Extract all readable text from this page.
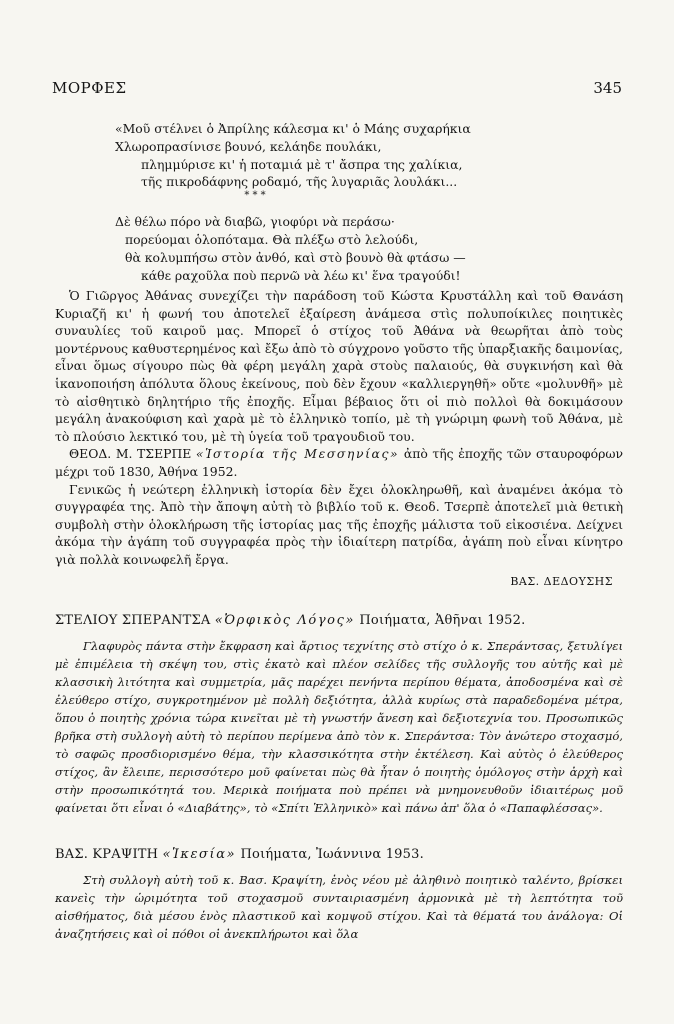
ΜΟΡΦΕΣ	345
«Μοῦ στέλνει ὁ Ἀπρίλης κάλεσμα κι' ὁ Μάης συχαρήκια
Χλωροπρασίνισε βουνό, κελάηδε πουλάκι,
πλημμύρισε κι' ἡ ποταμιά μὲ τ' ἄσπρα της χαλίκια,
τῆς πικροδάφνης ροδαμό, τῆς λυγαριᾶς λουλάκι...
* * *
Δὲ θέλω πόρο νὰ διαβῶ, γιοφύρι νὰ περάσω·
πορεύομαι ὁλοπόταμα. Θὰ πλέξω στὸ λελούδι,
θὰ κολυμπήσω στὸν ἀνθό, καὶ στὸ βουνὸ θὰ φτάσω —
κάθε ραχοῦλα ποὺ περνῶ νὰ λέω κι' ἕνα τραγούδι!

Ὁ Γιῶργος Ἀθάνας συνεχίζει τὴν παράδοση τοῦ Κώστα Κρυστάλλη καὶ τοῦ Θανάση Κυριαζῆ κι' ἡ φωνή του ἀποτελεῖ ἐξαίρεση ἀνάμεσα στὶς πολυποίκιλες ποιητικὲς συναυλίες τοῦ καιροῦ μας. Μπορεῖ ὁ στίχος τοῦ Ἀθάνα νὰ θεωρῆται ἀπὸ τοὺς μοντέρνους καθυστερημένος καὶ ἔξω ἀπὸ τὸ σύγχρονο γοῦστο τῆς ὑπαρξιακῆς δαιμονίας, εἶναι ὅμως σίγουρο πὼς θὰ φέρη μεγάλη χαρὰ στοὺς παλαιούς, θὰ συγκινήση καὶ θὰ ἱκανοποιήση ἀπόλυτα ὅλους ἐκείνους, ποὺ δὲν ἔχουν «καλλιεργηθῆ» οὔτε «μολυνθῆ» μὲ τὸ αἰσθητικὸ δηλητήριο τῆς ἐποχῆς. Εἶμαι βέβαιος ὅτι οἱ πιὸ πολλοὶ θὰ δοκιμάσουν μεγάλη ἀνακούφιση καὶ χαρὰ μὲ τὸ ἑλληνικὸ τοπίο, μὲ τὴ γνώριμη φωνὴ τοῦ Ἀθάνα, μὲ τὸ πλούσιο λεκτικό του, μὲ τὴ ὑγεία τοῦ τραγουδιοῦ του.

ΘΕΟΔ. Μ. ΤΣΕΡΠΕ «Ἱστορία τῆς Μεσσηνίας» ἀπὸ τῆς ἐποχῆς τῶν σταυροφόρων μέχρι τοῦ 1830, Ἀθήνα 1952.

Γενικῶς ἡ νεώτερη ἑλληνικὴ ἱστορία δὲν ἔχει ὁλοκληρωθῆ, καὶ ἀναμένει ἀκόμα τὸ συγγραφέα της. Ἀπὸ τὴν ἄποψη αὐτὴ τὸ βιβλίο τοῦ κ. Θεοδ. Τσερπὲ ἀποτελεῖ μιὰ θετικὴ συμβολὴ στὴν ὁλοκλήρωση τῆς ἱστορίας μας τῆς ἐποχῆς μάλιστα τοῦ εἰκοσιένα. Δείχνει ἀκόμα τὴν ἀγάπη τοῦ συγγραφέα πρὸς τὴν ἰδιαίτερη πατρίδα, ἀγάπη ποὺ εἶναι κίνητρο γιὰ πολλὰ κοινωφελῆ ἔργα.

ΒΑΣ. ΔΕΔΟΥΣΗΣ
ΣΤΕΛΙΟΥ ΣΠΕΡΑΝΤΣΑ «Ὀρφικὸς Λόγος» Ποιήματα, Ἀθῆναι 1952.

Γλαφυρὸς πάντα στὴν ἔκφραση καὶ ἄρτιος τεχνίτης στὸ στίχο ὁ κ. Σπεράντσας, ξετυλίγει μὲ ἐπιμέλεια τὴ σκέψη του, στὶς ἑκατὸ καὶ πλέον σελίδες τῆς συλλογῆς του αὐτῆς καὶ μὲ κλασσικὴ λιτότητα καὶ συμμετρία, μᾶς παρέχει πενήντα περίπου θέματα, ἀποδοσμένα καὶ σὲ ἐλεύθερο στίχο, συγκροτημένον μὲ πολλὴ δεξιότητα, ἀλλὰ κυρίως στὰ παραδεδομένα μέτρα, ὅπου ὁ ποιητὴς χρόνια τώρα κινεῖται μὲ τὴ γνωστήν ἄνεση καὶ δεξιοτεχνία του. Προσωπικῶς βρῆκα στὴ συλλογὴ αὐτὴ τὸ περίπου περίμενα ἀπὸ τὸν κ. Σπεράντσα: Τὸν ἀνώτερο στοχασμό, τὸ σαφῶς προσδιορισμένο θέμα, τὴν κλασσικότητα στὴν ἐκτέλεση. Καὶ αὐτὸς ὁ ἐλεύθερος στίχος, ἂν ἔλειπε, περισσότερο μοῦ φαίνεται πὼς θὰ ἦταν ὁ ποιητὴς ὁμόλογος στὴν ἀρχὴ καὶ στὴν προσωπικότητά του. Μερικὰ ποιήματα ποὺ πρέπει νὰ μνημονευθοῦν ἰδιαιτέρως μοῦ φαίνεται ὅτι εἶναι ὁ «Διαβάτης», τὸ «Σπίτι Ἑλληνικὸ» καὶ πάνω ἀπ' ὅλα ὁ «Παπαφλέσσας».

ΒΑΣ. ΚΡΑΨΙΤΗ «Ἱκεσία» Ποιήματα, Ἰωάννινα 1953.

Στὴ συλλογὴ αὐτὴ τοῦ κ. Βασ. Κραψίτη, ἑνὸς νέου μὲ ἀληθινὸ ποιητικὸ ταλέντο, βρίσκει κανεὶς τὴν ὡριμότητα τοῦ στοχασμοῦ συνταιριασμένη ἁρμονικὰ μὲ τὴ λεπτότητα τοῦ αἰσθήματος, διὰ μέσου ἑνὸς πλαστικοῦ καὶ κομψοῦ στίχου. Καὶ τὰ θέματά του ἀνάλογα: Οἱ ἀναζητήσεις καὶ οἱ πόθοι οἱ ἀνεκπλήρωτοι καὶ ὅλα
